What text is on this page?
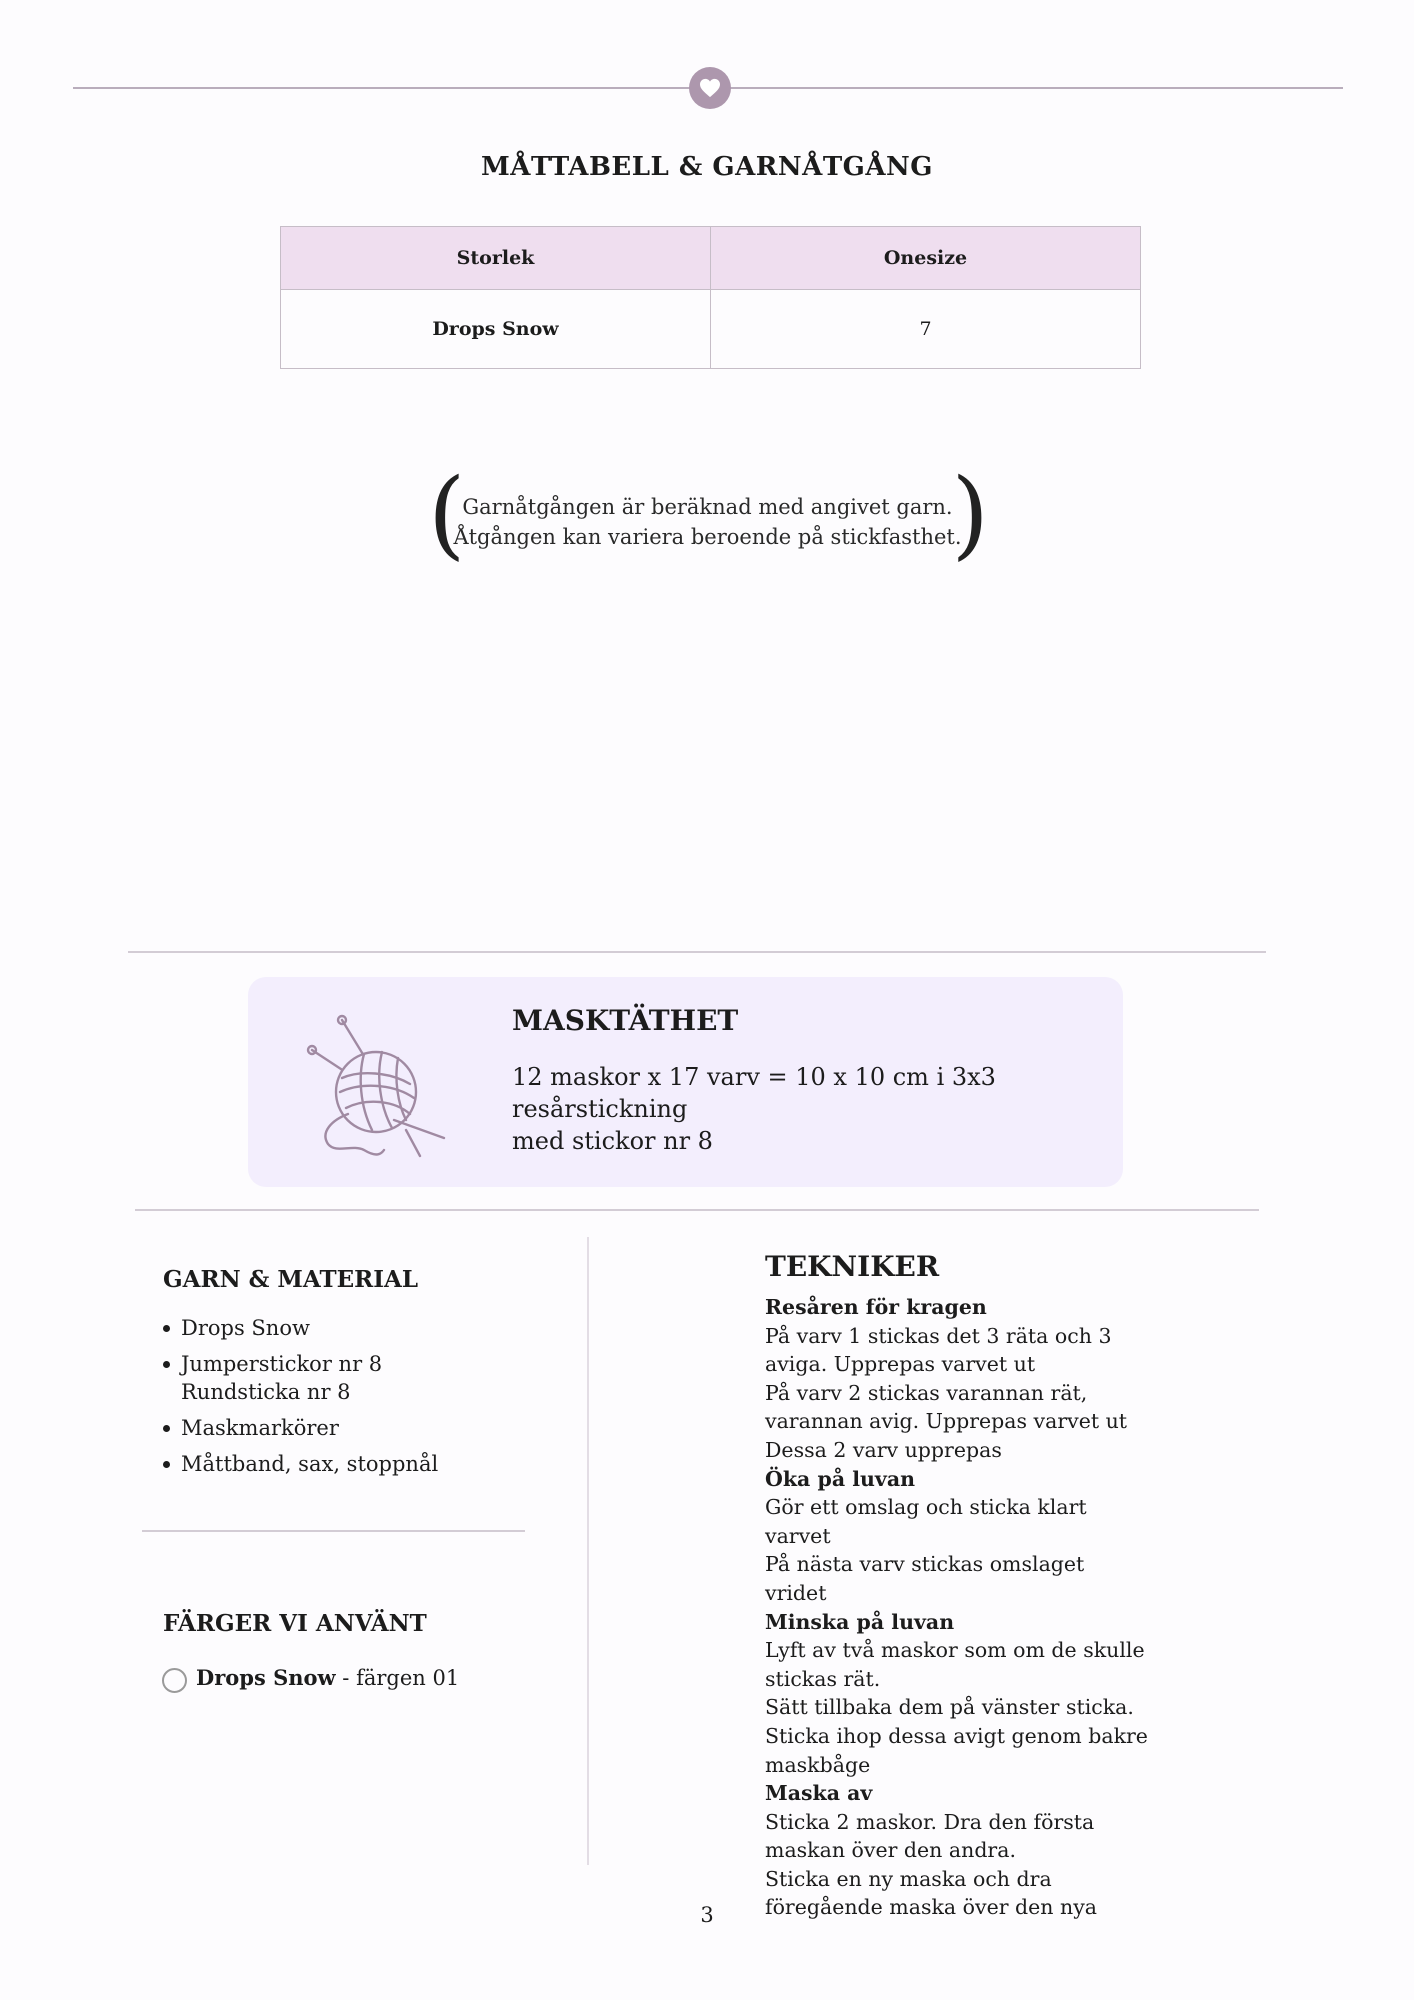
MÅTTABELL & GARNÅTGÅNG
Storlek	Onesize
Drops Snow	7
(
Garnåtgången är beräknad med angivet garn.
Åtgången kan variera beroende på stickfasthet.
)
MASKTÄTHET
12 maskor x 17 varv = 10 x 10 cm i 3x3 resårstickning
med stickor nr 8
GARN & MATERIAL
Drops Snow
Jumperstickor nr 8
Rundsticka nr 8
Maskmarkörer
Måttband, sax, stoppnål
FÄRGER VI ANVÄNT
Drops Snow - färgen 01
TEKNIKER
Resåren för kragen
På varv 1 stickas det 3 räta och 3
aviga. Upprepas varvet ut
På varv 2 stickas varannan rät,
varannan avig. Upprepas varvet ut
Dessa 2 varv upprepas
Öka på luvan
Gör ett omslag och sticka klart
varvet
På nästa varv stickas omslaget
vridet
Minska på luvan
Lyft av två maskor som om de skulle
stickas rät.
Sätt tillbaka dem på vänster sticka.
Sticka ihop dessa avigt genom bakre
maskbåge
Maska av
Sticka 2 maskor. Dra den första
maskan över den andra.
Sticka en ny maska och dra
föregående maska över den nya
3
